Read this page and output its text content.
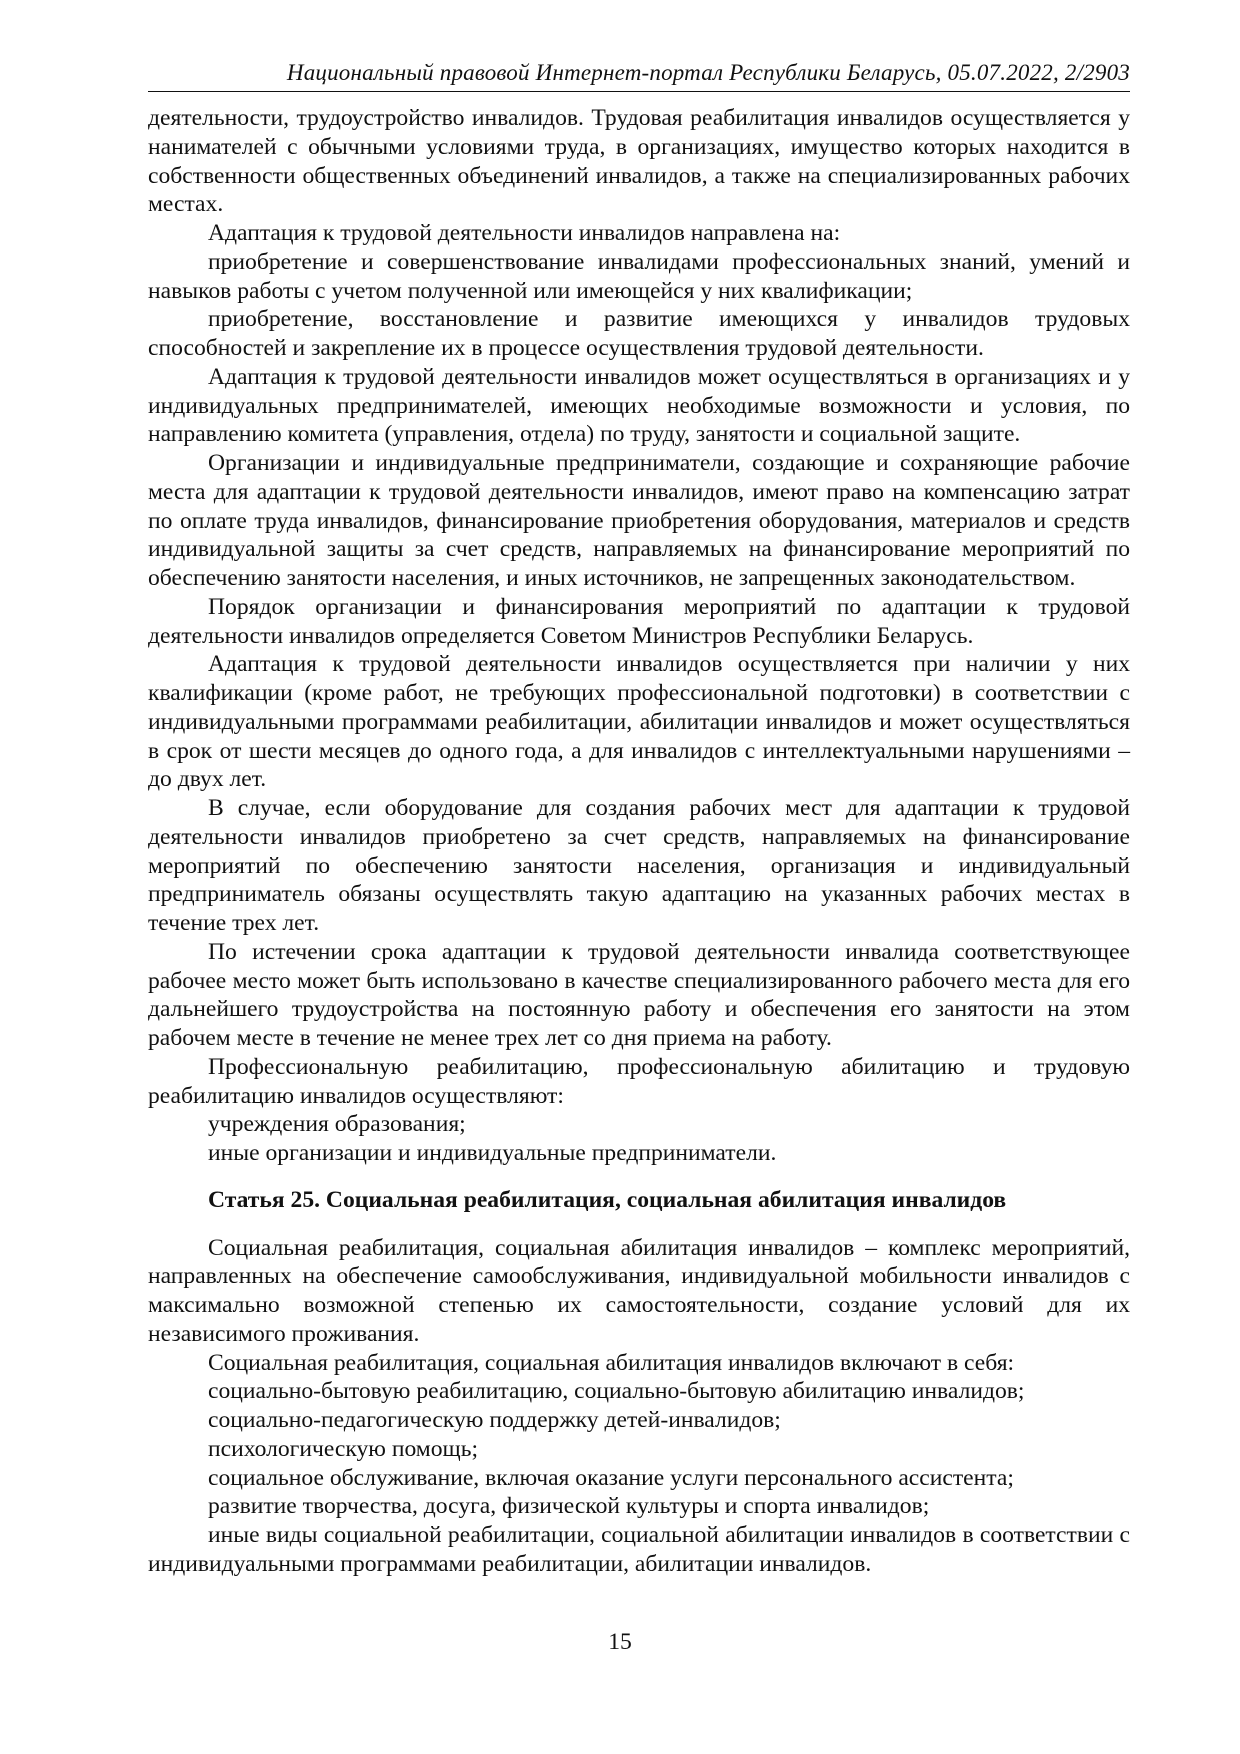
Национальный правовой Интернет-портал Республики Беларусь, 05.07.2022, 2/2903

деятельности, трудоустройство инвалидов. Трудовая реабилитация инвалидов осуществляется у нанимателей с обычными условиями труда, в организациях, имущество которых находится в собственности общественных объединений инвалидов, а также на специализированных рабочих местах.

Адаптация к трудовой деятельности инвалидов направлена на:

приобретение и совершенствование инвалидами профессиональных знаний, умений и навыков работы с учетом полученной или имеющейся у них квалификации;

приобретение, восстановление и развитие имеющихся у инвалидов трудовых способностей и закрепление их в процессе осуществления трудовой деятельности.

Адаптация к трудовой деятельности инвалидов может осуществляться в организациях и у индивидуальных предпринимателей, имеющих необходимые возможности и условия, по направлению комитета (управления, отдела) по труду, занятости и социальной защите.

Организации и индивидуальные предприниматели, создающие и сохраняющие рабочие места для адаптации к трудовой деятельности инвалидов, имеют право на компенсацию затрат по оплате труда инвалидов, финансирование приобретения оборудования, материалов и средств индивидуальной защиты за счет средств, направляемых на финансирование мероприятий по обеспечению занятости населения, и иных источников, не запрещенных законодательством.

Порядок организации и финансирования мероприятий по адаптации к трудовой деятельности инвалидов определяется Советом Министров Республики Беларусь.

Адаптация к трудовой деятельности инвалидов осуществляется при наличии у них квалификации (кроме работ, не требующих профессиональной подготовки) в соответствии с индивидуальными программами реабилитации, абилитации инвалидов и может осуществляться в срок от шести месяцев до одного года, а для инвалидов с интеллектуальными нарушениями – до двух лет.

В случае, если оборудование для создания рабочих мест для адаптации к трудовой деятельности инвалидов приобретено за счет средств, направляемых на финансирование мероприятий по обеспечению занятости населения, организация и индивидуальный предприниматель обязаны осуществлять такую адаптацию на указанных рабочих местах в течение трех лет.

По истечении срока адаптации к трудовой деятельности инвалида соответствующее рабочее место может быть использовано в качестве специализированного рабочего места для его дальнейшего трудоустройства на постоянную работу и обеспечения его занятости на этом рабочем месте в течение не менее трех лет со дня приема на работу.

Профессиональную реабилитацию, профессиональную абилитацию и трудовую реабилитацию инвалидов осуществляют:

учреждения образования;

иные организации и индивидуальные предприниматели.

Статья 25. Социальная реабилитация, социальная абилитация инвалидов

Социальная реабилитация, социальная абилитация инвалидов – комплекс мероприятий, направленных на обеспечение самообслуживания, индивидуальной мобильности инвалидов с максимально возможной степенью их самостоятельности, создание условий для их независимого проживания.

Социальная реабилитация, социальная абилитация инвалидов включают в себя:

социально-бытовую реабилитацию, социально-бытовую абилитацию инвалидов;

социально-педагогическую поддержку детей-инвалидов;

психологическую помощь;

социальное обслуживание, включая оказание услуги персонального ассистента;

развитие творчества, досуга, физической культуры и спорта инвалидов;

иные виды социальной реабилитации, социальной абилитации инвалидов в соответствии с индивидуальными программами реабилитации, абилитации инвалидов.

15
